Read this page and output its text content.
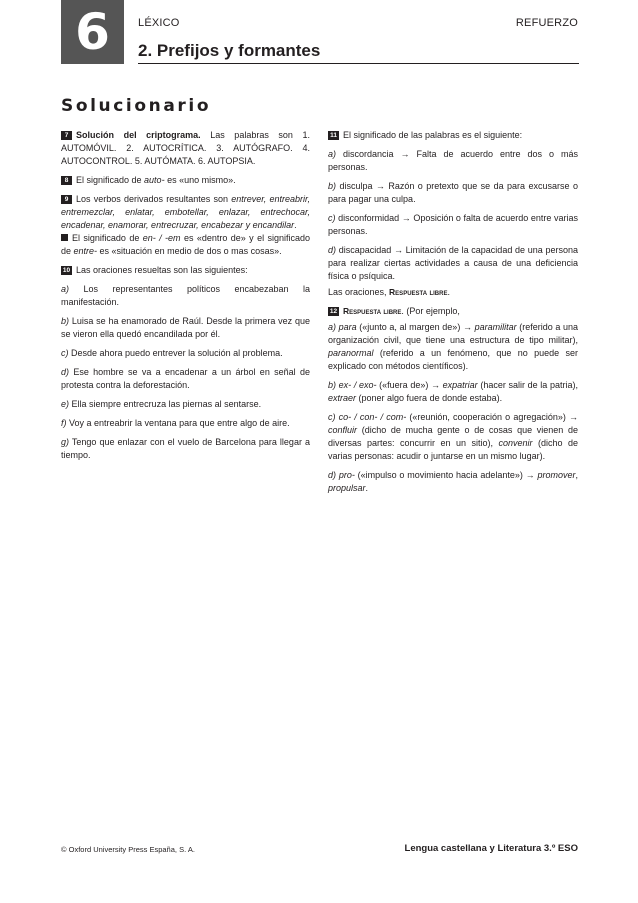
6	LÉXICO	REFUERZO
2. Prefijos y formantes
Solucionario

7 Solución del criptograma. Las palabras son 1. AUTOMÓVIL. 2. AUTOCRÍTICA. 3. AUTÓGRAFO. 4. AUTOCONTROL. 5. AUTÓMATA. 6. AUTOPSIA.

8 El significado de auto- es «uno mismo».

9 Los verbos derivados resultantes son entrever, entreabrir, entremezclar, enlatar, embotellar, enlazar, entrechocar, encadenar, enamorar, entrecruzar, encabezar y encandilar.
El significado de en- / -em es «dentro de» y el significado de entre- es «situación en medio de dos o mas cosas».

10 Las oraciones resueltas son las siguientes:

a) Los representantes políticos encabezaban la manifestación.

b) Luisa se ha enamorado de Raúl. Desde la primera vez que se vieron ella quedó encandilada por él.

c) Desde ahora puedo entrever la solución al problema.

d) Ese hombre se va a encadenar a un árbol en señal de protesta contra la deforestación.

e) Ella siempre entrecruza las piernas al sentarse.

f) Voy a entreabrir la ventana para que entre algo de aire.

g) Tengo que enlazar con el vuelo de Barcelona para llegar a tiempo.

11 El significado de las palabras es el siguiente:

a) discordancia → Falta de acuerdo entre dos o más personas.

b) disculpa → Razón o pretexto que se da para excusarse o para pagar una culpa.

c) disconformidad → Oposición o falta de acuerdo entre varias personas.

d) discapacidad → Limitación de la capacidad de una persona para realizar ciertas actividades a causa de una deficiencia física o psíquica.

Las oraciones, Respuesta libre.

12 Respuesta libre. (Por ejemplo,

a) para («junto a, al margen de») → paramilitar (referido a una organización civil, que tiene una estructura de tipo militar), paranormal (referido a un fenómeno, que no puede ser explicado con métodos científicos).

b) ex- / exo- («fuera de») → expatriar (hacer salir de la patria), extraer (poner algo fuera de donde estaba).

c) co- / con- / com- («reunión, cooperación o agregación») → confluir (dicho de mucha gente o de cosas que vienen de diversas partes: concurrir en un sitio), convenir (dicho de varias personas: acudir o juntarse en un mismo lugar).

d) pro- («impulso o movimiento hacia adelante») → promover, propulsar.

© Oxford University Press España, S. A.	Lengua castellana y Literatura 3.º ESO
